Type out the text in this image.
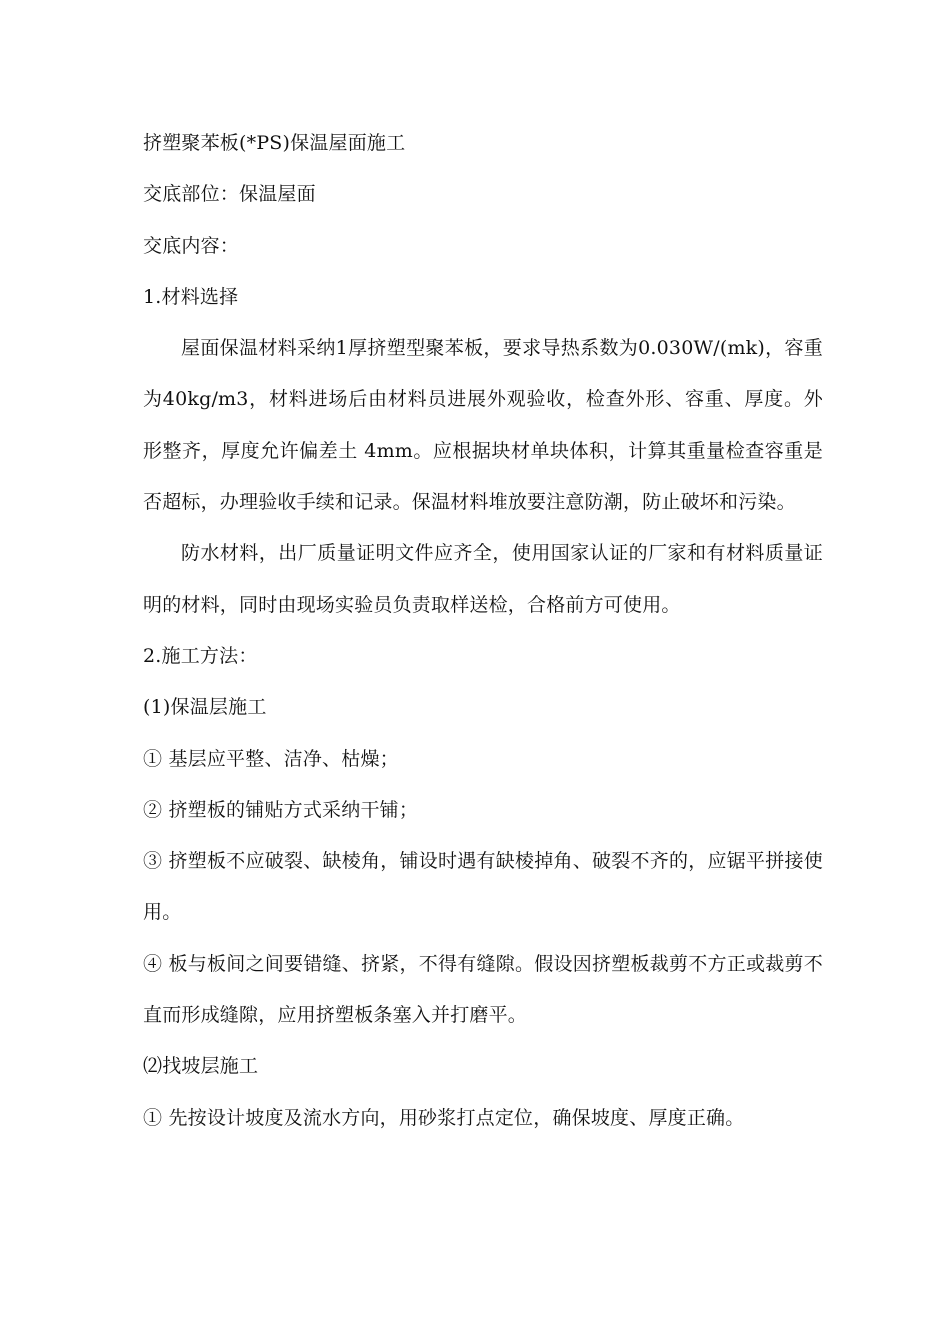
挤塑聚苯板(*PS)保温屋面施工
交底部位：保温屋面
交底内容：
1.材料选择
屋面保温材料采纳1厚挤塑型聚苯板，要求导热系数为0.030W/(mk)，容重为40kg/m3，材料进场后由材料员进展外观验收，检查外形、容重、厚度。外形整齐，厚度允许偏差土 4mm。应根据块材单块体积，计算其重量检查容重是否超标，办理验收手续和记录。保温材料堆放要注意防潮，防止破坏和污染。
防水材料，出厂质量证明文件应齐全，使用国家认证的厂家和有材料质量证明的材料，同时由现场实验员负责取样送检，合格前方可使用。
2.施工方法：
(1)保温层施工
① 基层应平整、洁净、枯燥；
② 挤塑板的铺贴方式采纳干铺；
③ 挤塑板不应破裂、缺棱角，铺设时遇有缺棱掉角、破裂不齐的，应锯平拼接使用。
④ 板与板间之间要错缝、挤紧，不得有缝隙。假设因挤塑板裁剪不方正或裁剪不直而形成缝隙，应用挤塑板条塞入并打磨平。
⑵找坡层施工
① 先按设计坡度及流水方向，用砂浆打点定位，确保坡度、厚度正确。
